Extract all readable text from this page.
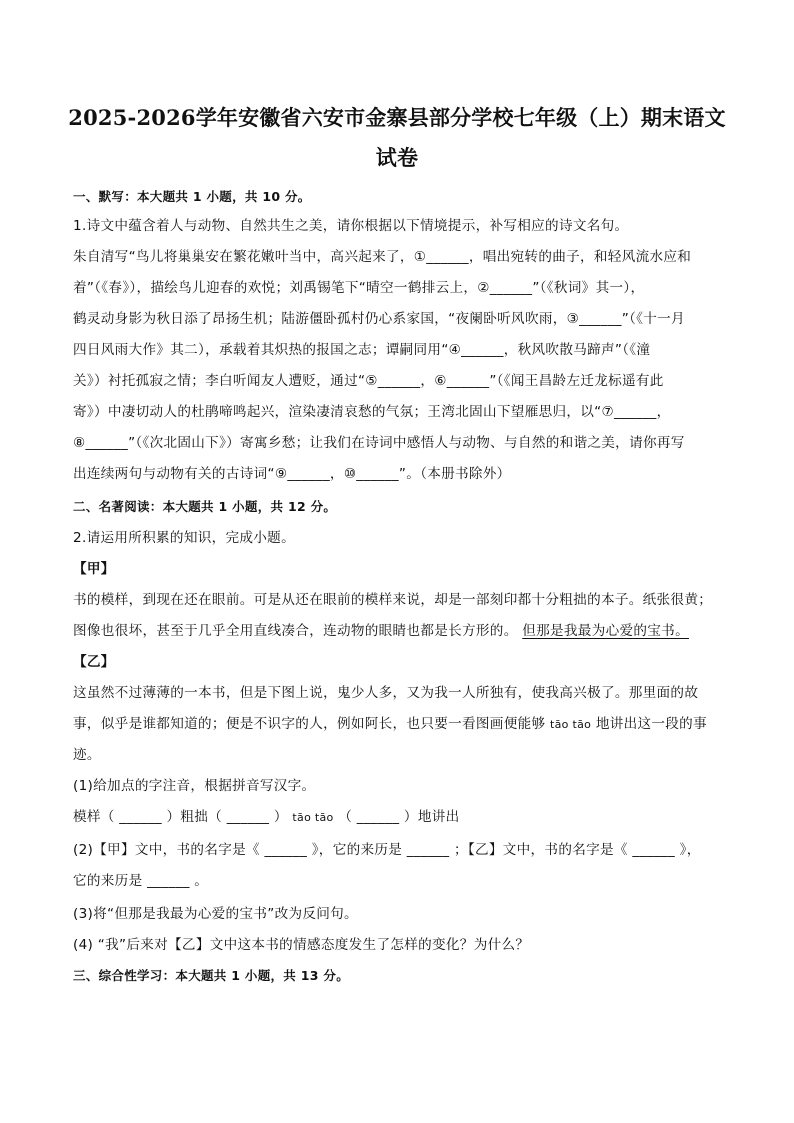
2025-2026学年安徽省六安市金寨县部分学校七年级（上）期末语文
试卷
一、默写：本大题共 1 小题，共 10 分。
1.诗文中蕴含着人与动物、自然共生之美，请你根据以下情境提示，补写相应的诗文名句。
朱自清写“鸟儿将巢巢安在繁花嫩叶当中，高兴起来了，①______，唱出宛转的曲子，和轻风流水应和
着”（《春》），描绘鸟儿迎春的欢悦；刘禹锡笔下“晴空一鹤排云上，②______”（《秋词》其一），
鹤灵动身影为秋日添了昂扬生机；陆游僵卧孤村仍心系家国，“夜阑卧听风吹雨，③______”（《十一月
四日风雨大作》其二），承载着其炽热的报国之志；谭嗣同用“④______，秋风吹散马蹄声”（《潼
关》）衬托孤寂之情；李白听闻友人遭贬，通过“⑤______，⑥______”（《闻王昌龄左迁龙标遥有此
寄》）中凄切动人的杜鹃啼鸣起兴，渲染凄清哀愁的气氛；王湾北固山下望雁思归，以“⑦______，
⑧______”（《次北固山下》）寄寓乡愁；让我们在诗词中感悟人与动物、与自然的和谐之美，请你再写
出连续两句与动物有关的古诗词“⑨______，⑩______”。（本册书除外）
二、名著阅读：本大题共 1 小题，共 12 分。
2.请运用所积累的知识，完成小题。
【甲】
书的模样，到现在还在眼前。可是从还在眼前的模样来说，却是一部刻印都十分粗拙的本子。纸张很黄；
图像也很坏，甚至于几乎全用直线凑合，连动物的眼睛也都是长方形的。 但那是我最为心爱的宝书。
【乙】
这虽然不过薄薄的一本书，但是下图上说，鬼少人多，又为我一人所独有，使我高兴极了。那里面的故
事，似乎是谁都知道的；便是不识字的人，例如阿长，也只要一看图画便能够 tāo tāo 地讲出这一段的事
迹。
(1)给加点的字注音，根据拼音写汉字。
模样（ ______ ）粗拙（ ______ ） tāo tāo （ ______ ）地讲出
(2)【甲】文中，书的名字是《 ______ 》，它的来历是 ______ ；【乙】文中，书的名字是《 ______ 》，
它的来历是 ______ 。
(3)将“但那是我最为心爱的宝书”改为反问句。
(4) “我”后来对【乙】文中这本书的情感态度发生了怎样的变化？为什么？
三、综合性学习：本大题共 1 小题，共 13 分。
